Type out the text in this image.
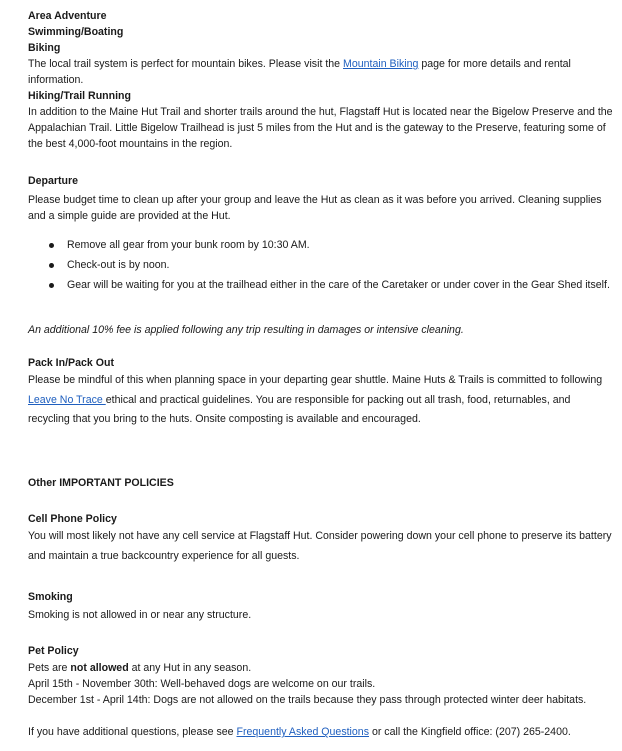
Area Adventure

Swimming/Boating

Biking

The local trail system is perfect for mountain bikes. Please visit the Mountain Biking page for more details and rental information.

Hiking/Trail Running

In addition to the Maine Hut Trail and shorter trails around the hut, Flagstaff Hut is located near the Bigelow Preserve and the Appalachian Trail. Little Bigelow Trailhead is just 5 miles from the Hut and is the gateway to the Preserve, featuring some of the best 4,000-foot mountains in the region.

Departure

Please budget time to clean up after your group and leave the Hut as clean as it was before you arrived. Cleaning supplies and a simple guide are provided at the Hut.

Remove all gear from your bunk room by 10:30 AM.
Check-out is by noon.
Gear will be waiting for you at the trailhead either in the care of the Caretaker or under cover in the Gear Shed itself.

An additional 10% fee is applied following any trip resulting in damages or intensive cleaning.

Pack In/Pack Out

Please be mindful of this when planning space in your departing gear shuttle. Maine Huts & Trails is committed to following Leave No Trace ethical and practical guidelines. You are responsible for packing out all trash, food, returnables, and recycling that you bring to the huts. Onsite composting is available and encouraged.

Other IMPORTANT POLICIES

Cell Phone Policy

You will most likely not have any cell service at Flagstaff Hut. Consider powering down your cell phone to preserve its battery and maintain a true backcountry experience for all guests.

Smoking

Smoking is not allowed in or near any structure.

Pet Policy

Pets are not allowed at any Hut in any season.

April 15th - November 30th: Well-behaved dogs are welcome on our trails.

December 1st - April 14th: Dogs are not allowed on the trails because they pass through protected winter deer habitats.

If you have additional questions, please see Frequently Asked Questions or call the Kingfield office: (207) 265-2400.
